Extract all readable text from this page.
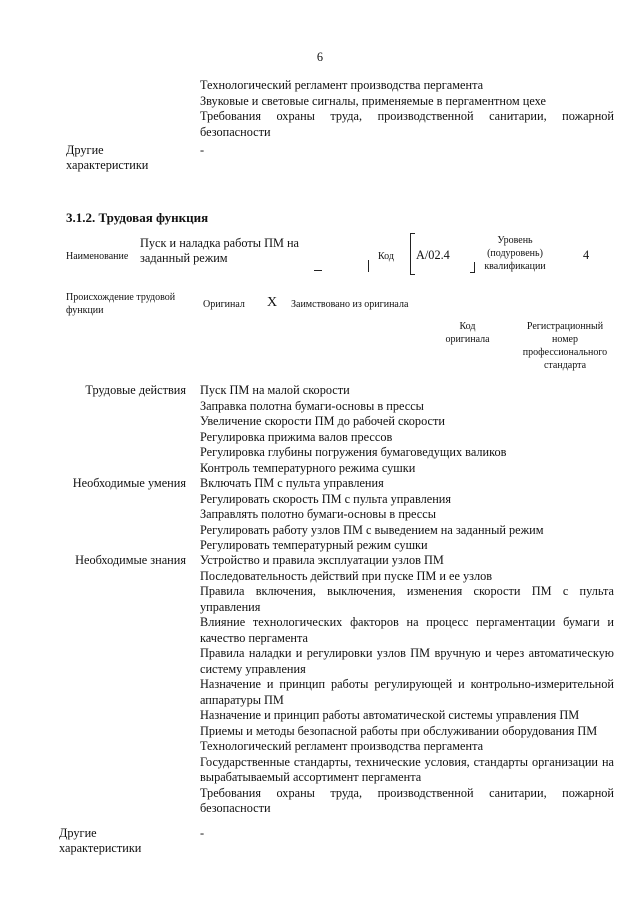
6
Технологический регламент производства пергамента
Звуковые и световые сигналы, применяемые в пергаментном цехе
Требования охраны труда, производственной санитарии, пожарной безопасности
Другие
характеристики
-
3.1.2. Трудовая функция
Наименование
Пуск и наладка работы ПМ на заданный режим	Код А/02.4
Уровень (подуровень) квалификации
4
Происхождение трудовой функции
Оригинал X Заимствовано из оригинала
Код оригинала
Регистрационный номер профессионального стандарта
Трудовые действия Пуск ПМ на малой скорости
Заправка полотна бумаги-основы в прессы
Увеличение скорости ПМ до рабочей скорости
Регулировка прижима валов прессов
Регулировка глубины погружения бумаговедущих валиков
Контроль температурного режима сушки
Необходимые умения Включать ПМ с пульта управления
Регулировать скорость ПМ с пульта управления
Заправлять полотно бумаги-основы в прессы
Регулировать работу узлов ПМ с выведением на заданный режим
Регулировать температурный режим сушки
Необходимые знания Устройство и правила эксплуатации узлов ПМ
Последовательность действий при пуске ПМ и ее узлов
Правила включения, выключения, изменения скорости ПМ с пульта управления
Влияние технологических факторов на процесс пергаментации бумаги и качество пергамента
Правила наладки и регулировки узлов ПМ вручную и через автоматическую систему управления
Назначение и принцип работы регулирующей и контрольно-измерительной аппаратуры ПМ
Назначение и принцип работы автоматической системы управления ПМ
Приемы и методы безопасной работы при обслуживании оборудования ПМ
Технологический регламент производства пергамента
Государственные стандарты, технические условия, стандарты организации на вырабатываемый ассортимент пергамента
Требования охраны труда, производственной санитарии, пожарной безопасности
Другие
характеристики
-
